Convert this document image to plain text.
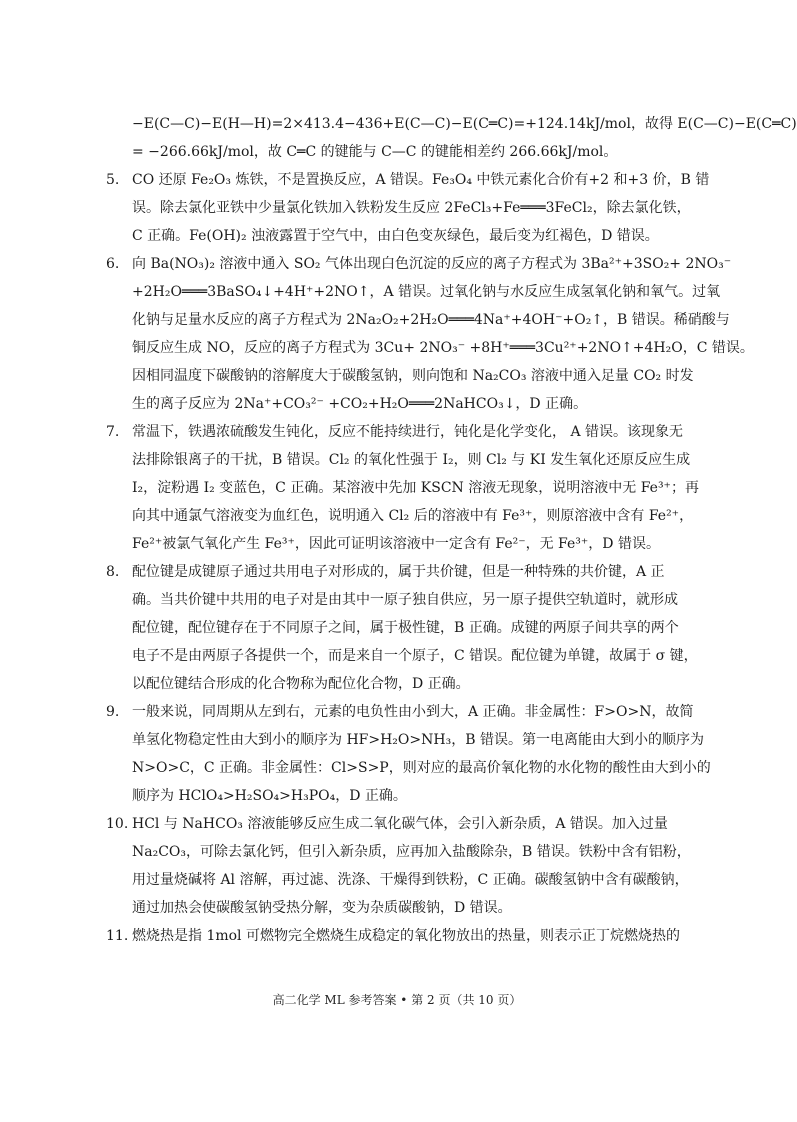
−E(C—C)−E(H—H)=2×413.4−436+E(C—C)−E(C═C)=+124.14kJ/mol，故得 E(C—C)−E(C═C)
= −266.66kJ/mol，故 C═C 的键能与 C—C 的键能相差约 266.66kJ/mol。
5. CO 还原 Fe₂O₃ 炼铁，不是置换反应，A 错误。Fe₃O₄ 中铁元素化合价有+2 和+3 价，B 错
误。除去氯化亚铁中少量氯化铁加入铁粉发生反应 2FeCl₃+Fe═══3FeCl₂，除去氯化铁，
C 正确。Fe(OH)₂ 浊液露置于空气中，由白色变灰绿色，最后变为红褐色，D 错误。
6. 向 Ba(NO₃)₂ 溶液中通入 SO₂ 气体出现白色沉淀的反应的离子方程式为 3Ba²⁺+3SO₂+ 2NO₃⁻
+2H₂O═══3BaSO₄↓+4H⁺+2NO↑，A 错误。过氧化钠与水反应生成氢氧化钠和氧气。过氧
化钠与足量水反应的离子方程式为 2Na₂O₂+2H₂O═══4Na⁺+4OH⁻+O₂↑，B 错误。稀硝酸与
铜反应生成 NO，反应的离子方程式为 3Cu+ 2NO₃⁻ +8H⁺═══3Cu²⁺+2NO↑+4H₂O，C 错误。
因相同温度下碳酸钠的溶解度大于碳酸氢钠，则向饱和 Na₂CO₃ 溶液中通入足量 CO₂ 时发
生的离子反应为 2Na⁺+CO₃²⁻ +CO₂+H₂O═══2NaHCO₃↓，D 正确。
7. 常温下，铁遇浓硫酸发生钝化，反应不能持续进行，钝化是化学变化， A 错误。该现象无
法排除银离子的干扰，B 错误。Cl₂ 的氧化性强于 I₂，则 Cl₂ 与 KI 发生氧化还原反应生成
I₂，淀粉遇 I₂ 变蓝色，C 正确。某溶液中先加 KSCN 溶液无现象，说明溶液中无 Fe³⁺；再
向其中通氯气溶液变为血红色，说明通入 Cl₂ 后的溶液中有 Fe³⁺，则原溶液中含有 Fe²⁺，
Fe²⁺被氯气氧化产生 Fe³⁺，因此可证明该溶液中一定含有 Fe²⁻，无 Fe³⁺，D 错误。
8. 配位键是成键原子通过共用电子对形成的，属于共价键，但是一种特殊的共价键，A 正
确。当共价键中共用的电子对是由其中一原子独自供应，另一原子提供空轨道时，就形成
配位键，配位键存在于不同原子之间，属于极性键，B 正确。成键的两原子间共享的两个
电子不是由两原子各提供一个，而是来自一个原子，C 错误。配位键为单键，故属于 σ 键，
以配位键结合形成的化合物称为配位化合物，D 正确。
9. 一般来说，同周期从左到右，元素的电负性由小到大，A 正确。非金属性：F>O>N，故简
单氢化物稳定性由大到小的顺序为 HF>H₂O>NH₃，B 错误。第一电离能由大到小的顺序为
N>O>C，C 正确。非金属性：Cl>S>P，则对应的最高价氧化物的水化物的酸性由大到小的
顺序为 HClO₄>H₂SO₄>H₃PO₄，D 正确。
10. HCl 与 NaHCO₃ 溶液能够反应生成二氧化碳气体，会引入新杂质，A 错误。加入过量
Na₂CO₃，可除去氯化钙，但引入新杂质，应再加入盐酸除杂，B 错误。铁粉中含有铝粉，
用过量烧碱将 Al 溶解，再过滤、洗涤、干燥得到铁粉，C 正确。碳酸氢钠中含有碳酸钠，
通过加热会使碳酸氢钠受热分解，变为杂质碳酸钠，D 错误。
11. 燃烧热是指 1mol 可燃物完全燃烧生成稳定的氧化物放出的热量，则表示正丁烷燃烧热的
高二化学 ML 参考答案 • 第 2 页（共 10 页）
